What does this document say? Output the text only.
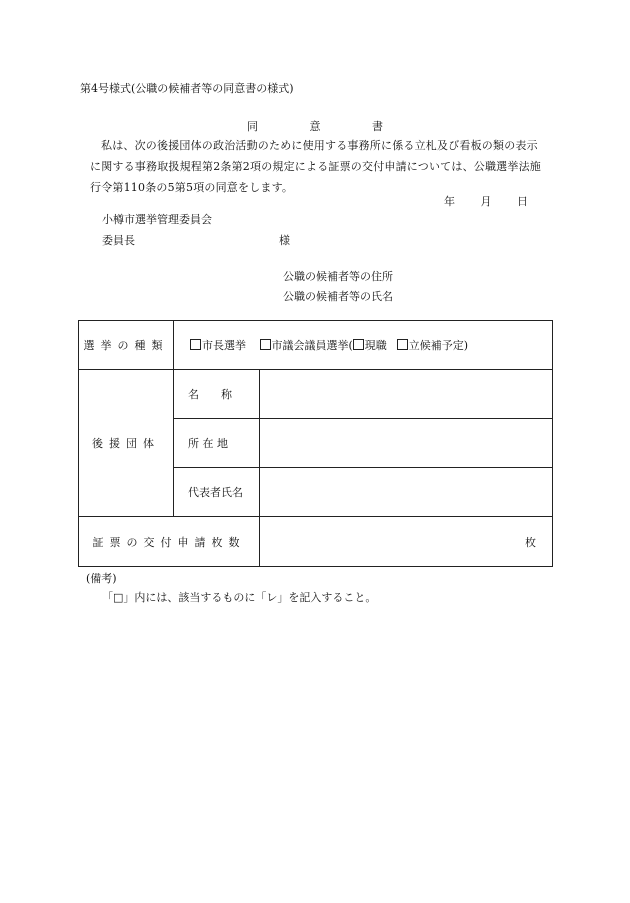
第4号様式(公職の候補者等の同意書の様式)
同	意	書
私は、次の後援団体の政治活動のために使用する事務所に係る立札及び看板の類の表示に関する事務取扱規程第2条第2項の規定による証票の交付申請については、公職選挙法施行令第110条の5第5項の同意をします。
年 月 日
小樽市選挙管理委員会
委員長	様
公職の候補者等の住所
公職の候補者等の氏名
選挙の種類	市長選挙 市議会議員選挙( 現職 立候補予定)	
後援団体	名　　称	
	所 在 地	
	代表者氏名	
証票の交付申請枚数		枚
(備考)
「□」内には、該当するものに「レ」を記入すること。
